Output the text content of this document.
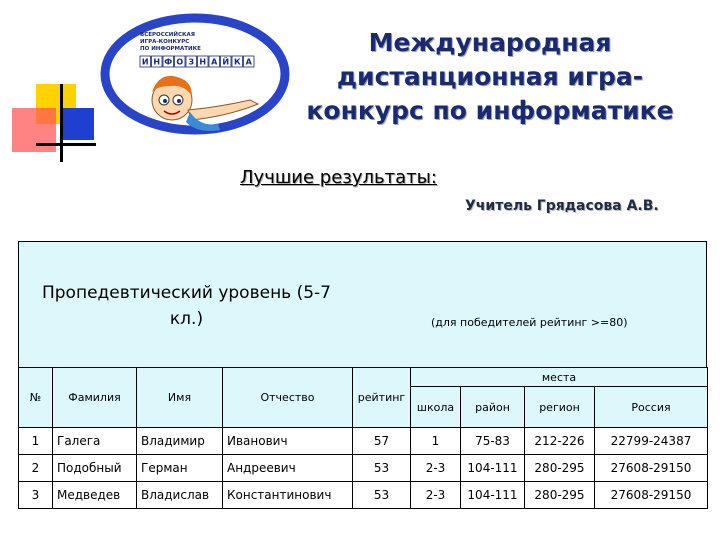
ВСЕРОССИЙСКАЯ
ИГРА-КОНКУРС
ПО ИНФОРМАТИКЕ
И Н Ф О З Н А Й К А
Международная
дистанционная игра-
конкурс по информатике
Лучшие результаты:
Учитель Грядасова А.В.
Пропедевтический уровень (5-7
кл.)	(для победителей рейтинг >=80)
№	Фамилия	Имя	Отчество	рейтинг	места			
					школа	район	регион	Россия
1	Галега	Владимир	Иванович	57	1	75-83	212-226	22799-24387
2	Подобный	Герман	Андреевич	53	2-3	104-111	280-295	27608-29150
3	Медведев	Владислав	Константинович	53	2-3	104-111	280-295	27608-29150
